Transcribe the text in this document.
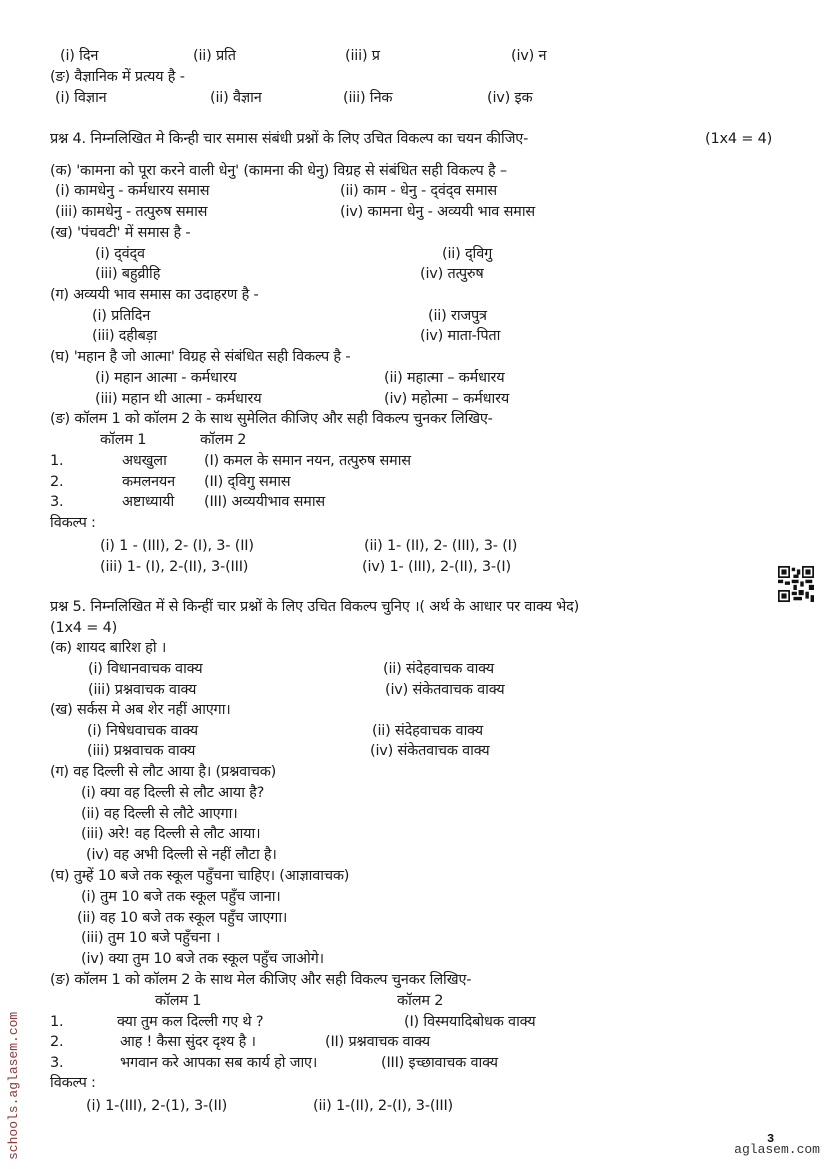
(i) दिन	(ii) प्रति	(iii) प्र	(iv) न
(ङ) वैज्ञानिक में प्रत्यय है -
(i) विज्ञान	(ii) वैज्ञान	(iii) निक	(iv) इक
प्रश्न 4. निम्नलिखित मे किन्ही चार समास संबंधी प्रश्नों के लिए उचित विकल्प का चयन कीजिए-	(1x4 = 4)
(क) 'कामना को पूरा करने वाली धेनु' (कामना की धेनु) विग्रह से संबंधित सही विकल्प है –
(i) कामधेनु - कर्मधारय समास	(ii) काम - धेनु - द्‌वंद्‌व समास
(iii) कामधेनु - तत्पुरुष समास	(iv) कामना धेनु - अव्ययी भाव समास
(ख) 'पंचवटी' में समास है -
(i) द्‌वंद्‌व	(ii) द्‌विगु
(iii) बहुव्रीहि	(iv) तत्पुरुष
(ग) अव्ययी भाव समास का उदाहरण है -
(i) प्रतिदिन	(ii) राजपुत्र
(iii) दहीबड़ा	(iv) माता-पिता
(घ) 'महान है जो आत्मा' विग्रह से संबंधित सही विकल्प है -
(i) महान आत्मा - कर्मधारय	(ii) महात्मा – कर्मधारय
(iii) महान थी आत्मा - कर्मधारय	(iv) महोत्मा – कर्मधारय
(ङ) कॉलम 1 को कॉलम 2 के साथ सुमेलित कीजिए और सही विकल्प चुनकर लिखिए-
कॉलम 1	कॉलम 2
1.	अधखुला	(I) कमल के समान नयन, तत्पुरुष समास
2.	कमलनयन (II) द्‌विगु समास
3.	अष्टाध्यायी (III) अव्ययीभाव समास
विकल्प :
(i) 1 - (III), 2- (I), 3- (II)	(ii) 1- (II), 2- (III), 3- (I)
(iii) 1- (I), 2-(II), 3-(III)	(iv) 1- (III), 2-(II), 3-(I)
प्रश्न 5. निम्नलिखित में से किन्हीं चार प्रश्नों के लिए उचित विकल्प चुनिए ।( अर्थ के आधार पर वाक्य भेद)
(1x4 = 4)
(क) शायद बारिश हो ।
(i) विधानवाचक वाक्य	(ii) संदेहवाचक वाक्य
(iii) प्रश्नवाचक वाक्य	(iv) संकेतवाचक वाक्य
(ख) सर्कस मे अब शेर नहीं आएगा।
(i) निषेधवाचक वाक्य	(ii) संदेहवाचक वाक्य
(iii) प्रश्नवाचक वाक्य	(iv) संकेतवाचक वाक्य
(ग) वह दिल्ली से लौट आया है। (प्रश्नवाचक)
(i) क्या वह दिल्ली से लौट आया है?
(ii) वह दिल्ली से लौटे आएगा।
(iii) अरे! वह दिल्ली से लौट आया।
(iv) वह अभी दिल्ली से नहीं लौटा है।
(घ) तुम्हें 10 बजे तक स्कूल पहुँचना चाहिए। (आज्ञावाचक)
(i) तुम 10 बजे तक स्कूल पहुँच जाना।
(ii) वह 10 बजे तक स्कूल पहुँच जाएगा।
(iii) तुम 10 बजे पहुँचना ।
(iv) क्या तुम 10 बजे तक स्कूल पहुँच जाओगे।
(ङ) कॉलम 1 को कॉलम 2 के साथ मेल कीजिए और सही विकल्प चुनकर लिखिए-
कॉलम 1	कॉलम 2
1.	क्या तुम कल दिल्ली गए थे ?	(I) विस्मयादिबोधक वाक्य
2.	आह ! कैसा सुंदर दृश्य है ।	(II) प्रश्नवाचक वाक्य
3.	भगवान करे आपका सब कार्य हो जाए।	(III) इच्छावाचक वाक्य
विकल्प :
(i) 1-(III), 2-(1), 3-(II)	(ii) 1-(II), 2-(I), 3-(III)
schools.aglasem.com	3
aglasem.com
